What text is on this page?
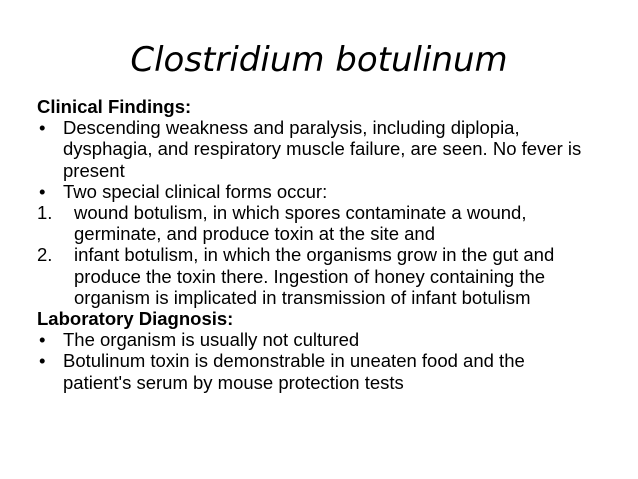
Clostridium botulinum
Clinical Findings:
• Descending weakness and paralysis, including diplopia, dysphagia, and respiratory muscle failure, are seen. No fever is present
• Two special clinical forms occur:
1. wound botulism, in which spores contaminate a wound, germinate, and produce toxin at the site and
2. infant botulism, in which the organisms grow in the gut and produce the toxin there. Ingestion of honey containing the organism is implicated in transmission of infant botulism
Laboratory Diagnosis:
• The organism is usually not cultured
• Botulinum toxin is demonstrable in uneaten food and the patient's serum by mouse protection tests
